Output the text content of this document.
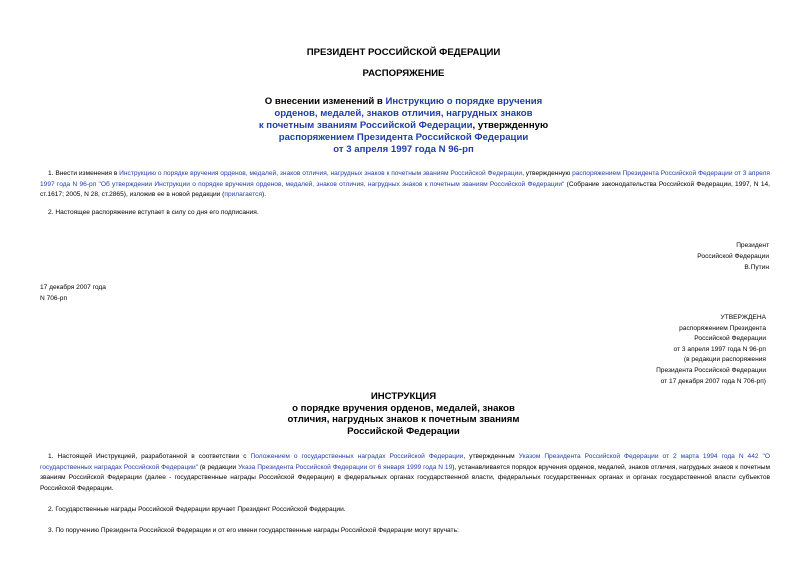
ПРЕЗИДЕНТ РОССИЙСКОЙ ФЕДЕРАЦИИ
РАСПОРЯЖЕНИЕ
О внесении изменений в Инструкцию о порядке вручения
орденов, медалей, знаков отличия, нагрудных знаков
к почетным званиям Российской Федерации, утвержденную
распоряжением Президента Российской Федерации
от 3 апреля 1997 года N 96-рп
1. Внести изменения в Инструкцию о порядке вручения орденов, медалей, знаков отличия, нагрудных знаков к почетным званиям Российской Федерации, утвержденную распоряжением Президента Российской Федерации от 3 апреля 1997 года N 96-рп "Об утверждении Инструкции о порядке вручения орденов, медалей, знаков отличия, нагрудных знаков к почетным званиям Российской Федерации" (Собрание законодательства Российской Федерации, 1997, N 14, ст.1617; 2005, N 28, ст.2865), изложив ее в новой редакции (прилагается).
2. Настоящее распоряжение вступает в силу со дня его подписания.
Президент
Российской Федерации
В.Путин
17 декабря 2007 года
N 706-рп
УТВЕРЖДЕНА
распоряжением Президента
Российской Федерации
от 3 апреля 1997 года N 96-рп
(в редакции распоряжения
Президента Российской Федерации
от 17 декабря 2007 года N 706-рп)
ИНСТРУКЦИЯ
о порядке вручения орденов, медалей, знаков
отличия, нагрудных знаков к почетным званиям
Российской Федерации
1. Настоящей Инструкцией, разработанной в соответствии с Положением о государственных наградах Российской Федерации, утвержденным Указом Президента Российской Федерации от 2 марта 1994 года N 442 "О государственных наградах Российской Федерации" (в редакции Указа Президента Российской Федерации от 6 января 1999 года N 19), устанавливается порядок вручения орденов, медалей, знаков отличия, нагрудных знаков к почетным званиям Российской Федерации (далее - государственные награды Российской Федерации) в федеральных органах государственной власти, федеральных государственных органах и органах государственной власти субъектов Российской Федерации.
2. Государственные награды Российской Федерации вручает Президент Российской Федерации.
3. По поручению Президента Российской Федерации и от его имени государственные награды Российской Федерации могут вручать:
